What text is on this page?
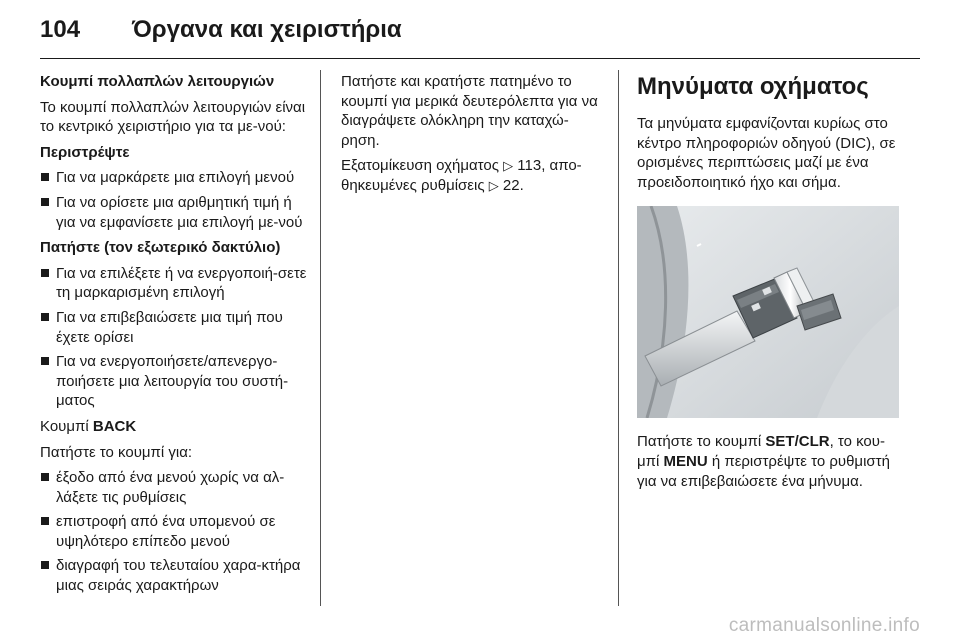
104	Όργανα και χειριστήρια

Κουμπί πολλαπλών λειτουργιών

Το κουμπί πολλαπλών λειτουργιών είναι το κεντρικό χειριστήριο για τα με-νού:

Περιστρέψτε

Για να μαρκάρετε μια επιλογή μενού
Για να ορίσετε μια αριθμητική τιμή ή για να εμφανίσετε μια επιλογή με-νού

Πατήστε (τον εξωτερικό δακτύλιο)

Για να επιλέξετε ή να ενεργοποιή-σετε τη μαρκαρισμένη επιλογή
Για να επιβεβαιώσετε μια τιμή που έχετε ορίσει
Για να ενεργοποιήσετε/απενεργο-ποιήσετε μια λειτουργία του συστή-ματος

Κουμπί BACK

Πατήστε το κουμπί για:

έξοδο από ένα μενού χωρίς να αλ-λάξετε τις ρυθμίσεις
επιστροφή από ένα υπομενού σε υψηλότερο επίπεδο μενού
διαγραφή του τελευταίου χαρα-κτήρα μιας σειράς χαρακτήρων

Πατήστε και κρατήστε πατημένο το κουμπί για μερικά δευτερόλεπτα για να διαγράψετε ολόκληρη την καταχώ-ρηση.

Εξατομίκευση οχήματος ▷ 113, απο-θηκευμένες ρυθμίσεις ▷ 22.

Μηνύματα οχήματος

Τα μηνύματα εμφανίζονται κυρίως στο κέντρο πληροφοριών οδηγού (DIC), σε ορισμένες περιπτώσεις μαζί με ένα προειδοποιητικό ήχο και σήμα.

Πατήστε το κουμπί SET/CLR, το κου-μπί MENU ή περιστρέψτε το ρυθμιστή για να επιβεβαιώσετε ένα μήνυμα.

carmanualsonline.info
